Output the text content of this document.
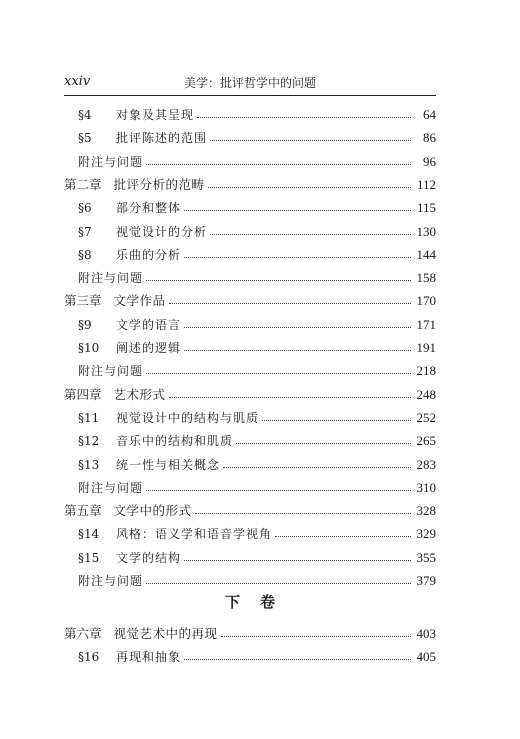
xxiv	美学：批评哲学中的问题
§4	对象及其呈现	64
§5	批评陈述的范围	86
附注与问题	96
第二章 批评分析的范畴	112
§6	部分和整体	115
§7	视觉设计的分析	130
§8	乐曲的分析	144
附注与问题	158
第三章 文学作品	170
§9	文学的语言	171
§10	阐述的逻辑	191
附注与问题	218
第四章 艺术形式	248
§11	视觉设计中的结构与肌质	252
§12	音乐中的结构和肌质	265
§13	统一性与相关概念	283
附注与问题	310
第五章 文学中的形式	328
§14	风格：语义学和语音学视角	329
§15	文学的结构	355
附注与问题	379
第六章 视觉艺术中的再现	403
§16	再现和抽象	405
下卷
